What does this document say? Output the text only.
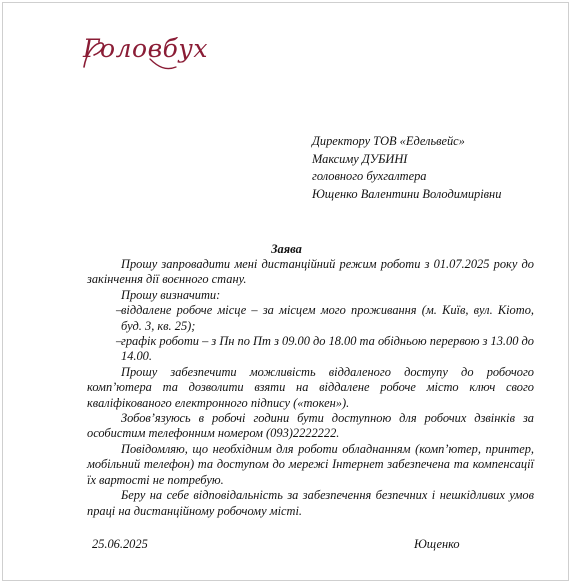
Головбух
Директору ТОВ «Едельвейс»
Максиму ДУБИНІ
головного бухгалтера
Ющенко Валентини Володимирівни
Заява

Прошу запровадити мені дистанційний режим роботи з 01.07.2025 року до закінчення дії воєнного стану.

Прошу визначити:

–
віддалене робоче місце – за місцем мого проживання (м. Київ, вул. Кіото, буд. 3, кв. 25);
–
графік роботи – з Пн по Пт з 09.00 до 18.00 та обідньою перервою з 13.00 до 14.00.

Прошу забезпечити можливість віддаленого доступу до робочого комп’ютера та дозволити взяти на віддалене робоче місто ключ свого кваліфікованого електронного підпису («токен»).

Зобов’язуюсь в робочі години бути доступною для робочих дзвінків за особистим телефонним номером (093)2222222.

Повідомляю, що необхідним для роботи обладнанням (комп’ютер, принтер, мобільний телефон) та доступом до мережі Інтернет забезпечена та компенсації їх вартості не потребую.

Беру на себе відповідальність за забезпечення безпечних і нешкідливих умов праці на дистанційному робочому місті.

25.06.2025	Ющенко
